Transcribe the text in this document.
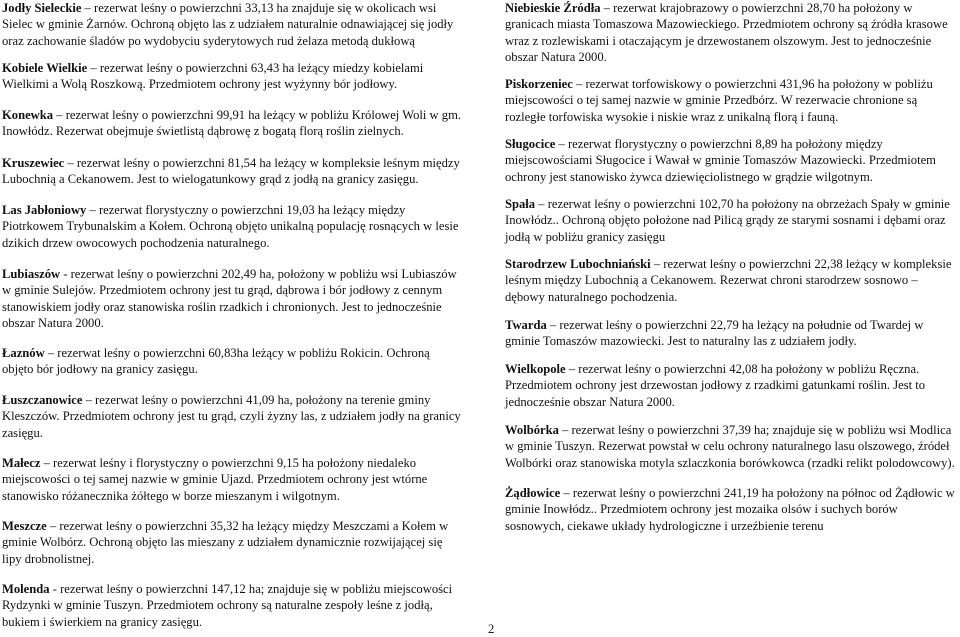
Jodły Sieleckie – rezerwat leśny o powierzchni 33,13 ha znajduje się w okolicach wsi Sielec w gminie Żarnów. Ochroną objęto las z udziałem naturalnie odnawiającej się jodły oraz zachowanie śladów po wydobyciu syderytowych rud żelaza metodą dukłową

Kobiele Wielkie – rezerwat leśny o powierzchni 63,43 ha leżący miedzy kobielami Wielkimi a Wolą Roszkową. Przedmiotem ochrony jest wyżynny bór jodłowy.

Konewka – rezerwat leśny o powierzchni 99,91 ha leżący w pobliżu Królowej Woli w gm. Inowłódz. Rezerwat obejmuje świetlistą dąbrowę z bogatą florą roślin zielnych.

Kruszewiec – rezerwat leśny o powierzchni 81,54 ha leżący w kompleksie leśnym między Lubochnią a Cekanowem. Jest to wielogatunkowy grąd z jodłą na granicy zasięgu.

Las Jabłoniowy – rezerwat florystyczny o powierzchni 19,03 ha leżący między Piotrkowem Trybunalskim a Kołem. Ochroną objęto unikalną populację rosnących w lesie dzikich drzew owocowych pochodzenia naturalnego.

Lubiaszów - rezerwat leśny o powierzchni 202,49 ha, położony w pobliżu wsi Lubiaszów w gminie Sulejów. Przedmiotem ochrony jest tu grąd, dąbrowa i bór jodłowy z cennym stanowiskiem jodły oraz stanowiska roślin rzadkich i chronionych. Jest to jednocześnie obszar Natura 2000.

Łaznów – rezerwat leśny o powierzchni 60,83ha leżący w pobliżu Rokicin. Ochroną objęto bór jodłowy na granicy zasięgu.

Łuszczanowice – rezerwat leśny o powierzchni 41,09 ha, położony na terenie gminy Kleszczów. Przedmiotem ochrony jest tu grąd, czyli żyzny las, z udziałem jodły na granicy zasięgu.

Małecz – rezerwat leśny i florystyczny o powierzchni 9,15 ha położony niedaleko miejscowości o tej samej nazwie w gminie Ujazd. Przedmiotem ochrony jest wtórne stanowisko różanecznika żółtego w borze mieszanym i wilgotnym.

Meszcze – rezerwat leśny o powierzchni 35,32 ha leżący między Meszczami a Kołem w gminie Wolbórz. Ochroną objęto las mieszany z udziałem dynamicznie rozwijającej się lipy drobnolistnej.

Molenda - rezerwat leśny o powierzchni 147,12 ha; znajduje się w pobliżu miejscowości Rydzynki w gminie Tuszyn. Przedmiotem ochrony są naturalne zespoły leśne z jodłą, bukiem i świerkiem na granicy zasięgu.

Niebieskie Źródła – rezerwat krajobrazowy o powierzchni 28,70 ha położony w granicach miasta Tomaszowa Mazowieckiego. Przedmiotem ochrony są źródła krasowe wraz z rozlewiskami i otaczającym je drzewostanem olszowym. Jest to jednocześnie obszar Natura 2000.

Piskorzeniec – rezerwat torfowiskowy o powierzchni 431,96 ha położony w pobliżu miejscowości o tej samej nazwie w gminie Przedbórz. W rezerwacie chronione są rozległe torfowiska wysokie i niskie wraz z unikalną florą i fauną.

Sługocice – rezerwat florystyczny o powierzchni 8,89 ha położony między miejscowościami Sługocice i Wawał w gminie Tomaszów Mazowiecki. Przedmiotem ochrony jest stanowisko żywca dziewięciolistnego w grądzie wilgotnym.

Spała – rezerwat leśny o powierzchni 102,70 ha położony na obrzeżach Spały w gminie Inowłódz.. Ochroną objęto położone nad Pilicą grądy ze starymi sosnami i dębami oraz jodłą w pobliżu granicy zasięgu

Starodrzew Lubochniański – rezerwat leśny o powierzchni 22,38 leżący w kompleksie leśnym między Lubochnią a Cekanowem. Rezerwat chroni starodrzew sosnowo – dębowy naturalnego pochodzenia.

Twarda – rezerwat leśny o powierzchni 22,79 ha leżący na południe od Twardej w gminie Tomaszów mazowiecki. Jest to naturalny las z udziałem jodły.

Wielkopole – rezerwat leśny o powierzchni 42,08 ha położony w pobliżu Ręczna. Przedmiotem ochrony jest drzewostan jodłowy z rzadkimi gatunkami roślin. Jest to jednocześnie obszar Natura 2000.

Wolbórka – rezerwat leśny o powierzchni 37,39 ha; znajduje się w pobliżu wsi Modlica w gminie Tuszyn. Rezerwat powstał w celu ochrony naturalnego lasu olszowego, źródeł Wolbórki oraz stanowiska motyla szlaczkonia borówkowca (rzadki relikt polodowcowy).

Żądłowice – rezerwat leśny o powierzchni 241,19 ha położony na północ od Żądłowic w gminie Inowłódz.. Przedmiotem ochrony jest mozaika olsów i suchych borów sosnowych, ciekawe układy hydrologiczne i urzeźbienie terenu

2
